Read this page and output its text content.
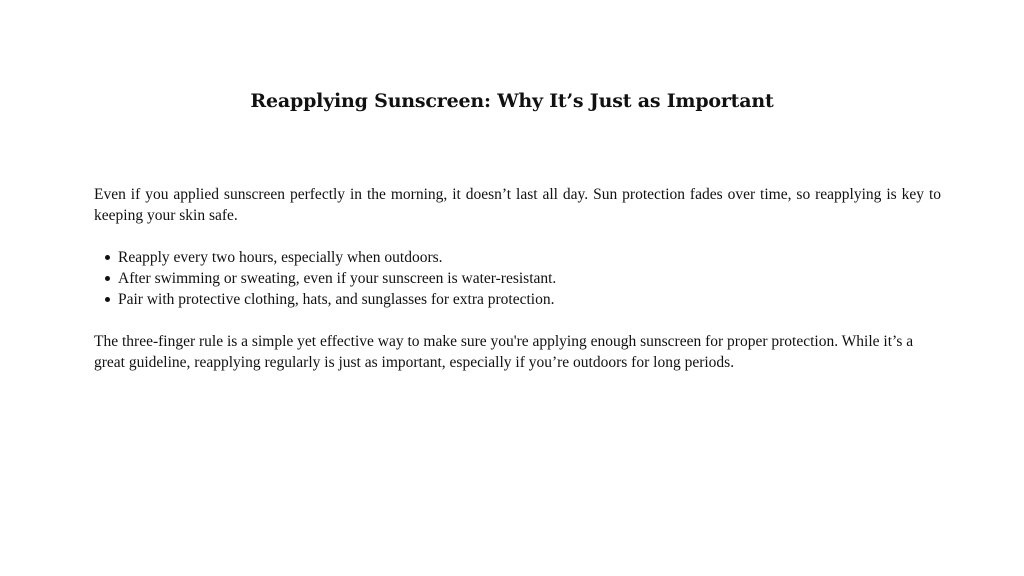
Reapplying Sunscreen: Why It’s Just as Important

Even if you applied sunscreen perfectly in the morning, it doesn’t last all day. Sun protection fades over time, so reapplying is key to keeping your skin safe.

Reapply every two hours, especially when outdoors.
After swimming or sweating, even if your sunscreen is water-resistant.
Pair with protective clothing, hats, and sunglasses for extra protection.

The three-finger rule is a simple yet effective way to make sure you're applying enough sunscreen for proper protection. While it’s a great guideline, reapplying regularly is just as important, especially if you’re outdoors for long periods.
